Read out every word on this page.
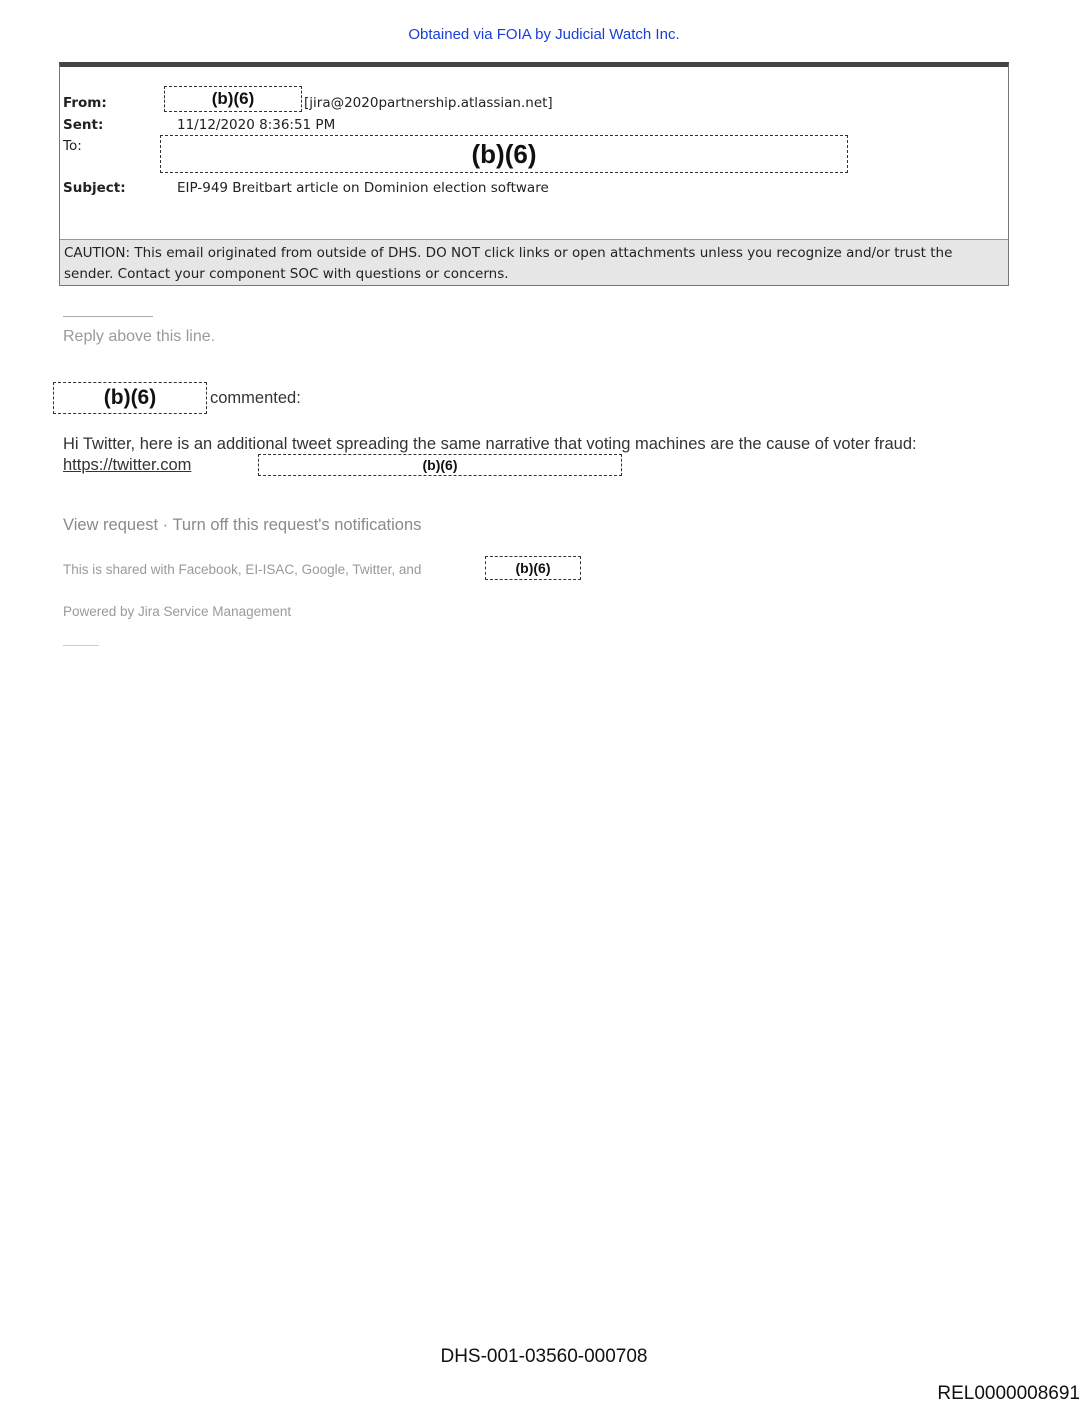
Obtained via FOIA by Judicial Watch Inc.
From:	(b)(6)	[jira@2020partnership.atlassian.net]
Sent:	11/12/2020 8:36:51 PM
To:	(b)(6)
Subject:	EIP-949 Breitbart article on Dominion election software
CAUTION: This email originated from outside of DHS. DO NOT click links or open attachments unless you recognize and/or trust the sender. Contact your component SOC with questions or concerns.
Reply above this line.
(b)(6)	commented:
Hi Twitter, here is an additional tweet spreading the same narrative that voting machines are the cause of voter fraud: https://twitter.com	(b)(6)
View request · Turn off this request's notifications
This is shared with Facebook, EI-ISAC, Google, Twitter, and	(b)(6)
Powered by Jira Service Management
DHS-001-03560-000708
REL0000008691
